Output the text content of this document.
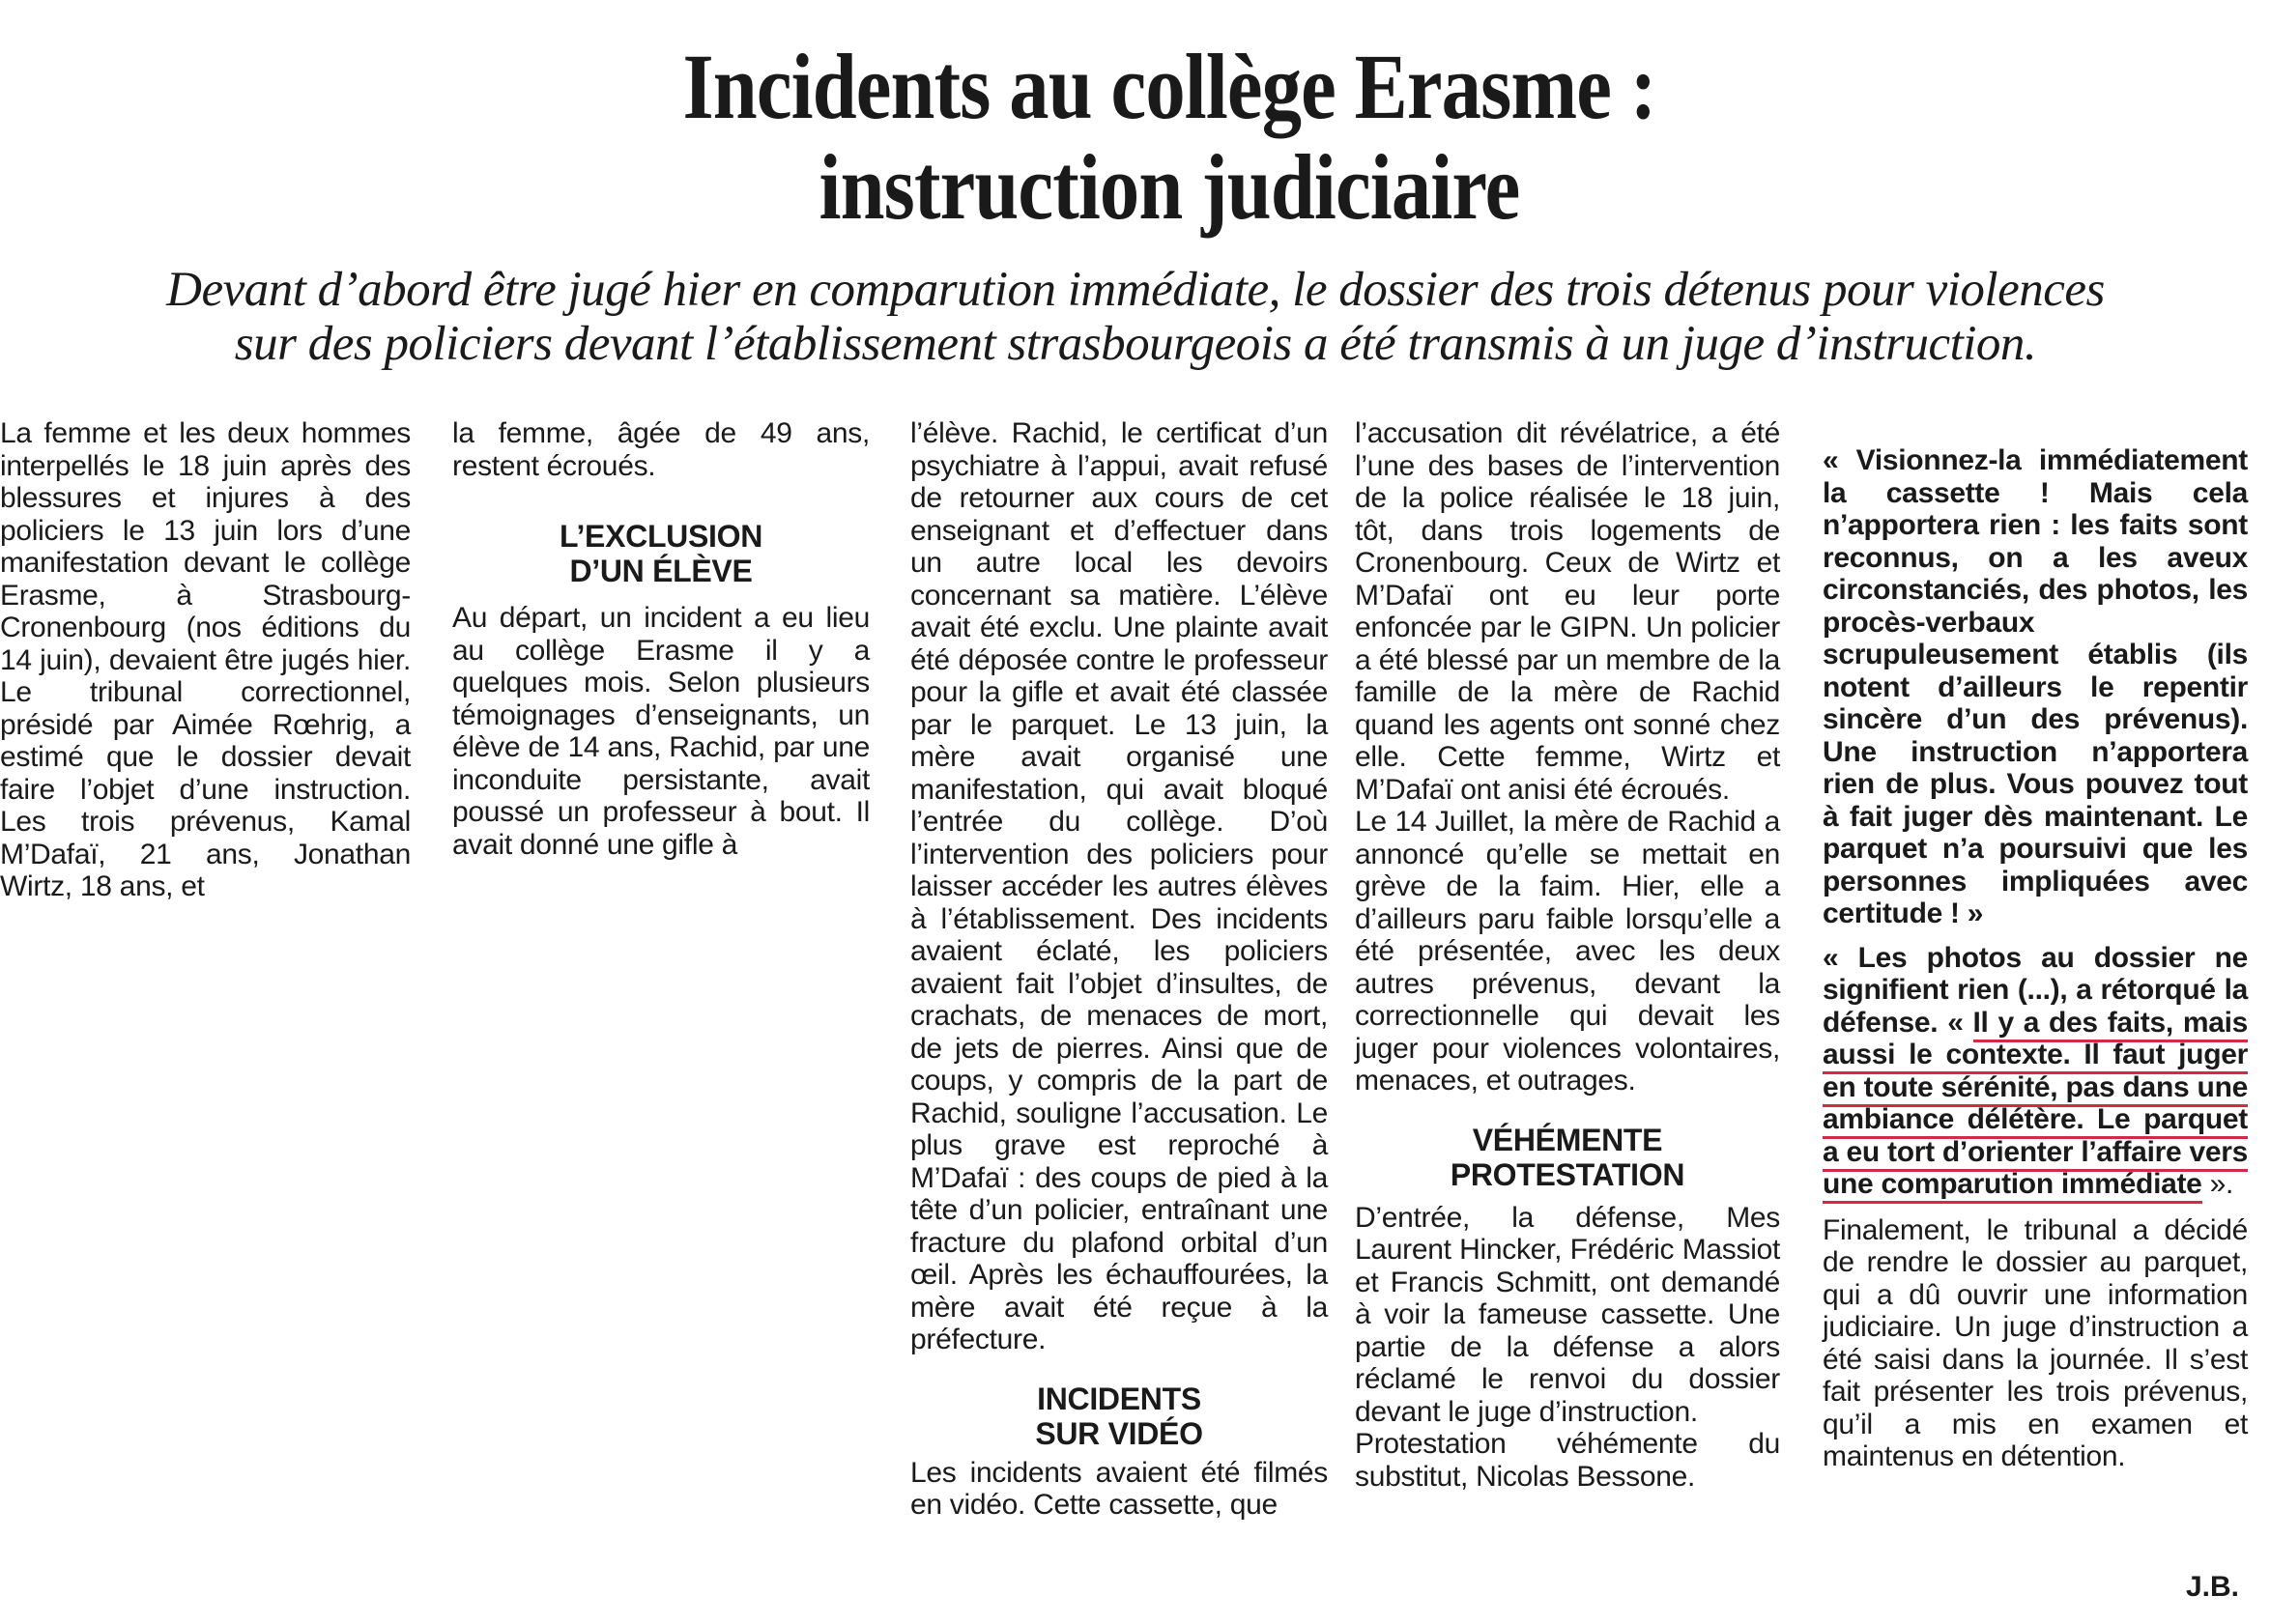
Incidents au collège Erasme :
instruction judiciaire
Devant d’abord être jugé hier en comparution immédiate, le dossier des trois détenus pour violences
sur des policiers devant l’établissement strasbourgeois a été transmis à un juge d’instruction.

La femme et les deux hommes interpellés le 18 juin après des blessures et injures à des policiers le 13 juin lors d’une manifestation devant le collège Erasme, à Strasbourg-Cronenbourg (nos éditions du 14 juin), devaient être jugés hier. Le tribunal correctionnel, présidé par Aimée Rœhrig, a estimé que le dossier devait faire l’objet d’une instruction. Les trois prévenus, Kamal M’Dafaï, 21 ans, Jonathan Wirtz, 18 ans, et

la femme, âgée de 49 ans, restent écroués.

L’EXCLUSION
D’UN ÉLÈVE

Au départ, un incident a eu lieu au collège Erasme il y a quelques mois. Selon plusieurs témoignages d’enseignants, un élève de 14 ans, Rachid, par une inconduite persistante, avait poussé un professeur à bout. Il avait donné une gifle à

l’élève. Rachid, le certificat d’un psychiatre à l’appui, avait refusé de retourner aux cours de cet enseignant et d’effectuer dans un autre local les devoirs concernant sa matière. L’élève avait été exclu. Une plainte avait été déposée contre le professeur pour la gifle et avait été classée par le parquet. Le 13 juin, la mère avait organisé une manifestation, qui avait bloqué l’entrée du collège. D’où l’intervention des policiers pour laisser accéder les autres élèves à l’établissement. Des incidents avaient éclaté, les policiers avaient fait l’objet d’insultes, de crachats, de menaces de mort, de jets de pierres. Ainsi que de coups, y compris de la part de Rachid, souligne l’accusation. Le plus grave est reproché à M’Dafaï : des coups de pied à la tête d’un policier, entraînant une fracture du plafond orbital d’un œil. Après les échauffourées, la mère avait été reçue à la préfecture.

INCIDENTS
SUR VIDÉO

Les incidents avaient été filmés en vidéo. Cette cassette, que

l’accusation dit révélatrice, a été l’une des bases de l’intervention de la police réalisée le 18 juin, tôt, dans trois logements de Cronenbourg. Ceux de Wirtz et M’Dafaï ont eu leur porte enfoncée par le GIPN. Un policier a été blessé par un membre de la famille de la mère de Rachid quand les agents ont sonné chez elle. Cette femme, Wirtz et M’Dafaï ont anisi été écroués.

Le 14 Juillet, la mère de Rachid a annoncé qu’elle se mettait en grève de la faim. Hier, elle a d’ailleurs paru faible lorsqu’elle a été présentée, avec les deux autres prévenus, devant la correctionnelle qui devait les juger pour violences volontaires, menaces, et outrages.

VÉHÉMENTE
PROTESTATION

D’entrée, la défense, Mes Laurent Hincker, Frédéric Massiot et Francis Schmitt, ont demandé à voir la fameuse cassette. Une partie de la défense a alors réclamé le renvoi du dossier devant le juge d’instruction.

Protestation véhémente du substitut, Nicolas Bessone.

« Visionnez-la immédiatement la cassette ! Mais cela n’apportera rien : les faits sont reconnus, on a les aveux circonstanciés, des photos, les procès-verbaux scrupuleusement établis (ils notent d’ailleurs le repentir sincère d’un des prévenus). Une instruction n’apportera rien de plus. Vous pouvez tout à fait juger dès maintenant. Le parquet n’a poursuivi que les personnes impliquées avec certitude ! »

« Les photos au dossier ne signifient rien (...), a rétorqué la défense. « Il y a des faits, mais aussi le contexte. Il faut juger en toute sérénité, pas dans une ambiance délétère. Le parquet a eu tort d’orienter l’affaire vers une comparution immédiate ».

Finalement, le tribunal a décidé de rendre le dossier au parquet, qui a dû ouvrir une information judiciaire. Un juge d’instruction a été saisi dans la journée. Il s’est fait présenter les trois prévenus, qu’il a mis en examen et maintenus en détention.

J.B.
